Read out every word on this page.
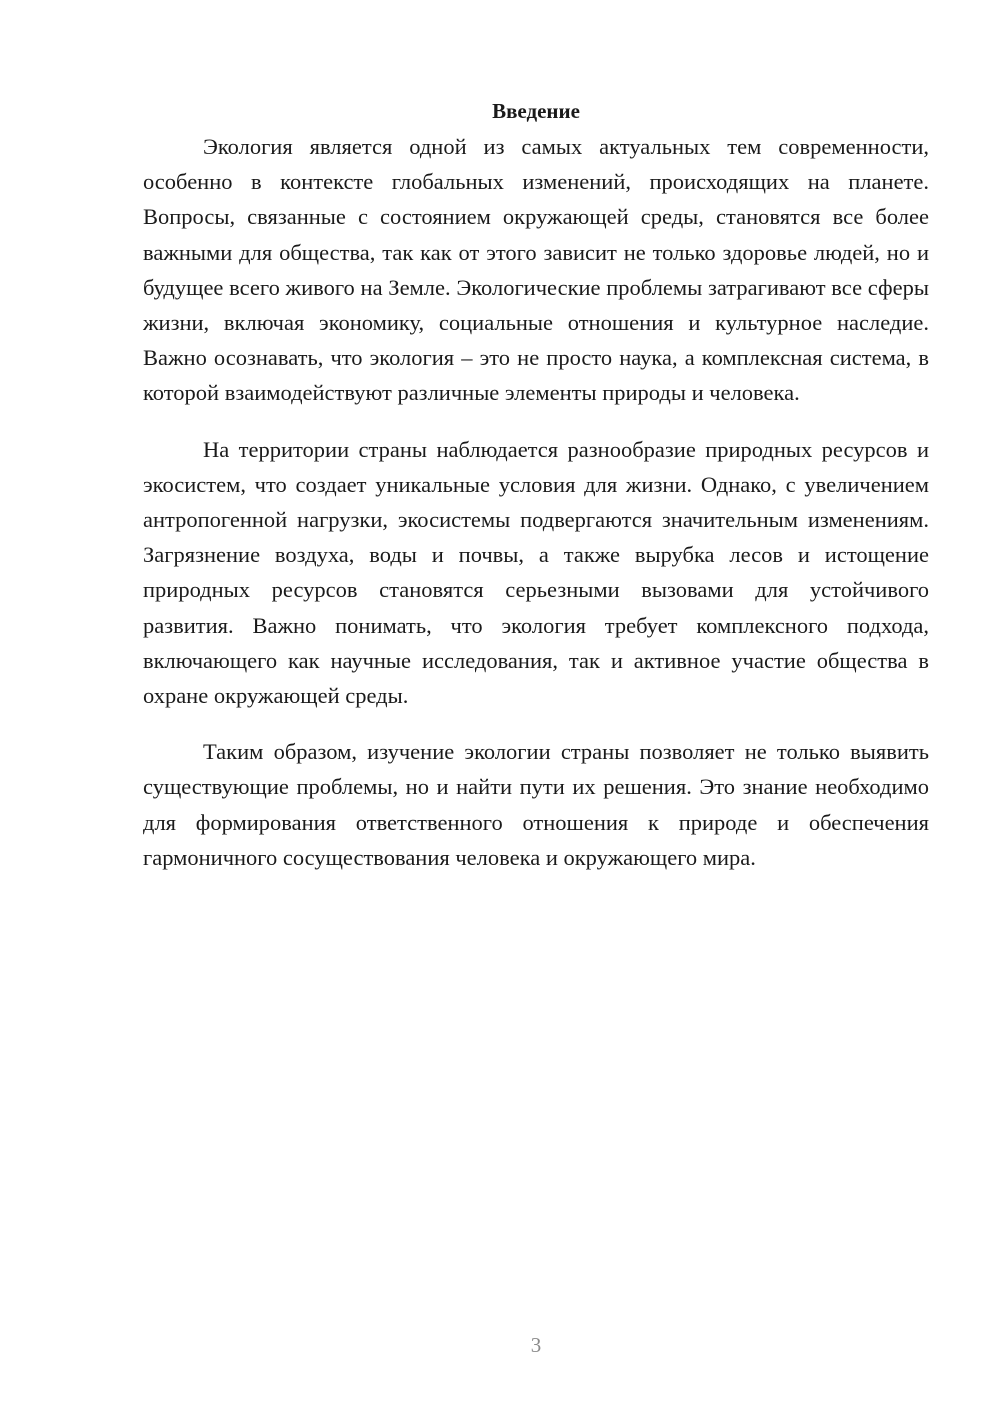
Введение

Экология является одной из самых актуальных тем современности, особенно в контексте глобальных изменений, происходящих на планете. Вопросы, связанные с состоянием окружающей среды, становятся все более важными для общества, так как от этого зависит не только здоровье людей, но и будущее всего живого на Земле. Экологические проблемы затрагивают все сферы жизни, включая экономику, социальные отношения и культурное наследие. Важно осознавать, что экология – это не просто наука, а комплексная система, в которой взаимодействуют различные элементы природы и человека.

На территории страны наблюдается разнообразие природных ресурсов и экосистем, что создает уникальные условия для жизни. Однако, с увеличением антропогенной нагрузки, экосистемы подвергаются значительным изменениям. Загрязнение воздуха, воды и почвы, а также вырубка лесов и истощение природных ресурсов становятся серьезными вызовами для устойчивого развития. Важно понимать, что экология требует комплексного подхода, включающего как научные исследования, так и активное участие общества в охране окружающей среды.

Таким образом, изучение экологии страны позволяет не только выявить существующие проблемы, но и найти пути их решения. Это знание необходимо для формирования ответственного отношения к природе и обеспечения гармоничного сосуществования человека и окружающего мира.

3
